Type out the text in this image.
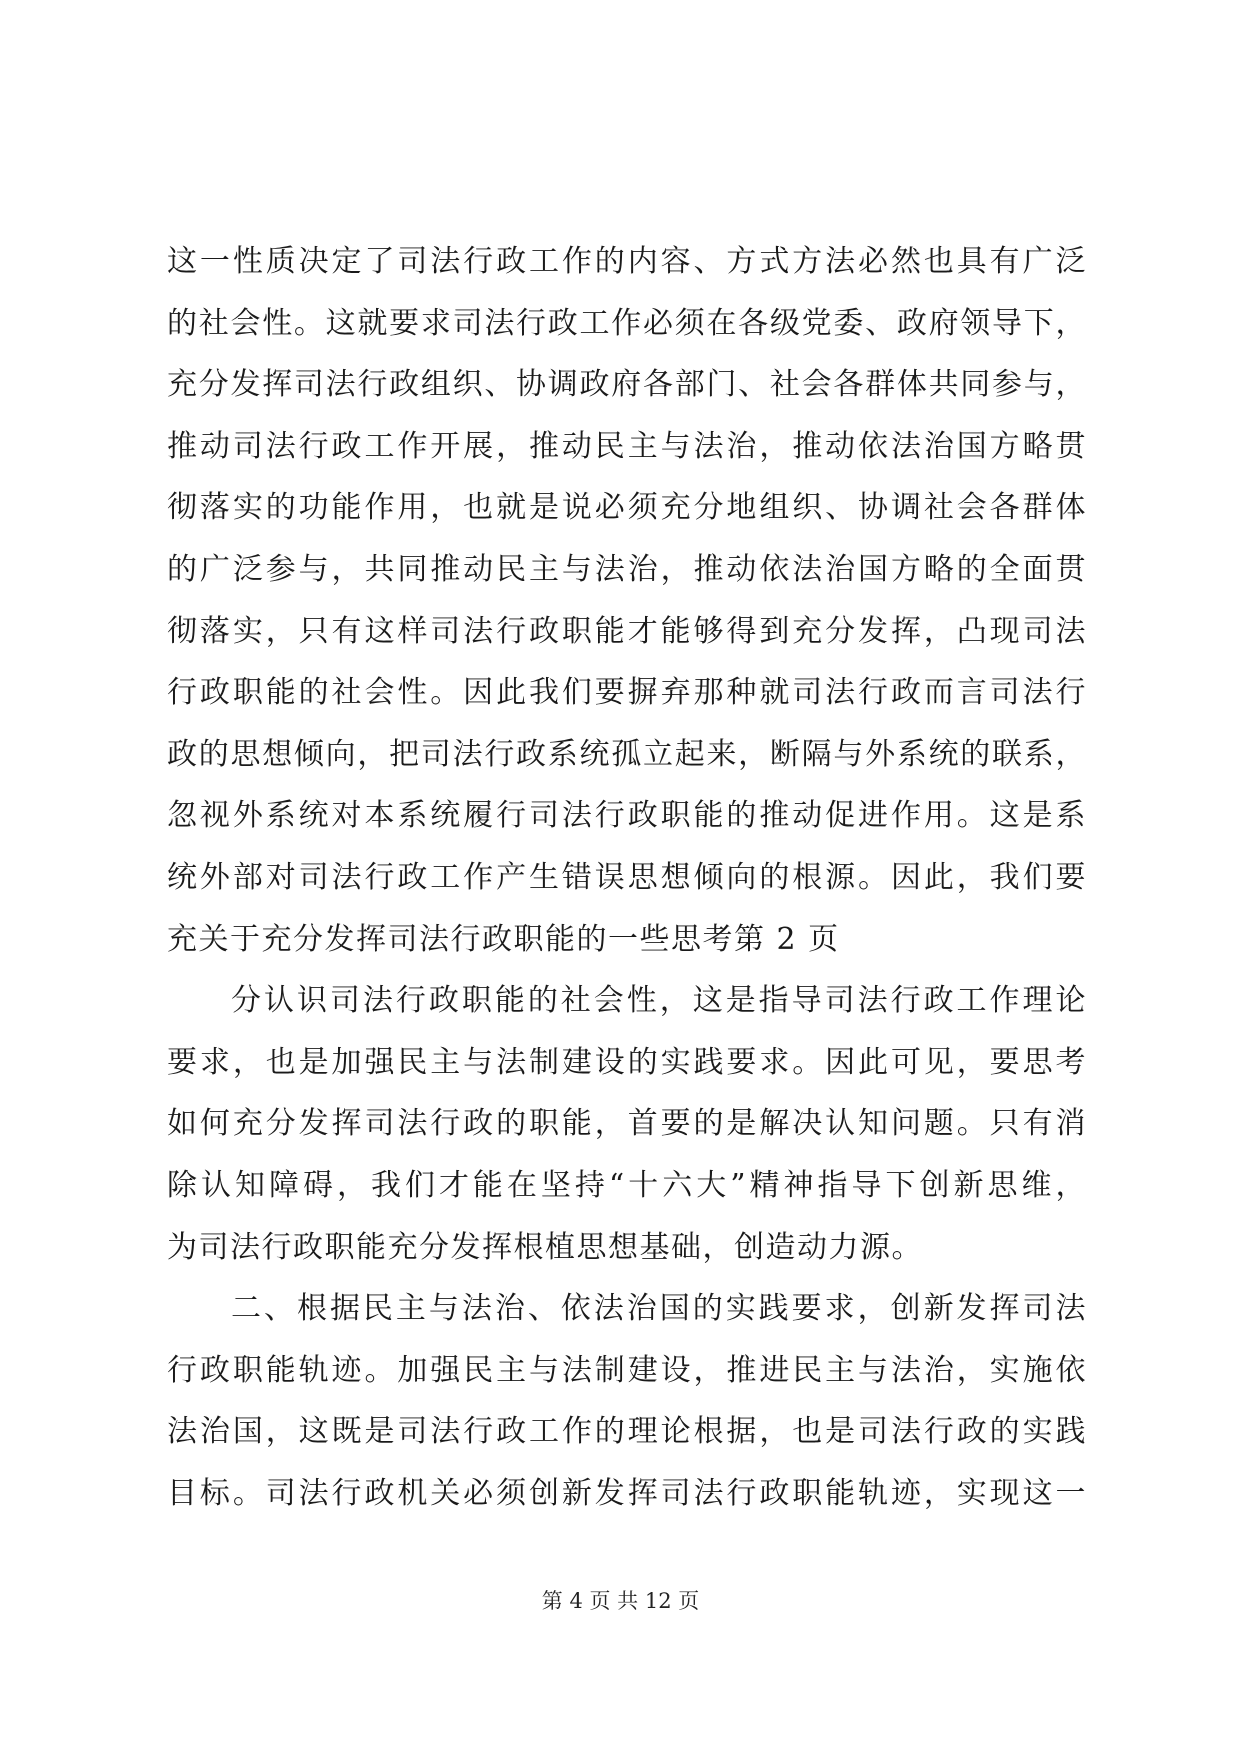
这一性质决定了司法行政工作的内容、方式方法必然也具有广泛
的社会性。这就要求司法行政工作必须在各级党委、政府领导下，
充分发挥司法行政组织、协调政府各部门、社会各群体共同参与，
推动司法行政工作开展，推动民主与法治，推动依法治国方略贯
彻落实的功能作用，也就是说必须充分地组织、协调社会各群体
的广泛参与，共同推动民主与法治，推动依法治国方略的全面贯
彻落实，只有这样司法行政职能才能够得到充分发挥，凸现司法
行政职能的社会性。因此我们要摒弃那种就司法行政而言司法行
政的思想倾向，把司法行政系统孤立起来，断隔与外系统的联系，
忽视外系统对本系统履行司法行政职能的推动促进作用。这是系
统外部对司法行政工作产生错误思想倾向的根源。因此，我们要
充关于充分发挥司法行政职能的一些思考第 2 页
分认识司法行政职能的社会性，这是指导司法行政工作理论
要求，也是加强民主与法制建设的实践要求。因此可见，要思考
如何充分发挥司法行政的职能，首要的是解决认知问题。只有消
除认知障碍，我们才能在坚持“十六大”精神指导下创新思维，
为司法行政职能充分发挥根植思想基础，创造动力源。
二、根据民主与法治、依法治国的实践要求，创新发挥司法
行政职能轨迹。加强民主与法制建设，推进民主与法治，实施依
法治国，这既是司法行政工作的理论根据，也是司法行政的实践
目标。司法行政机关必须创新发挥司法行政职能轨迹，实现这一
第 4 页 共 12 页
